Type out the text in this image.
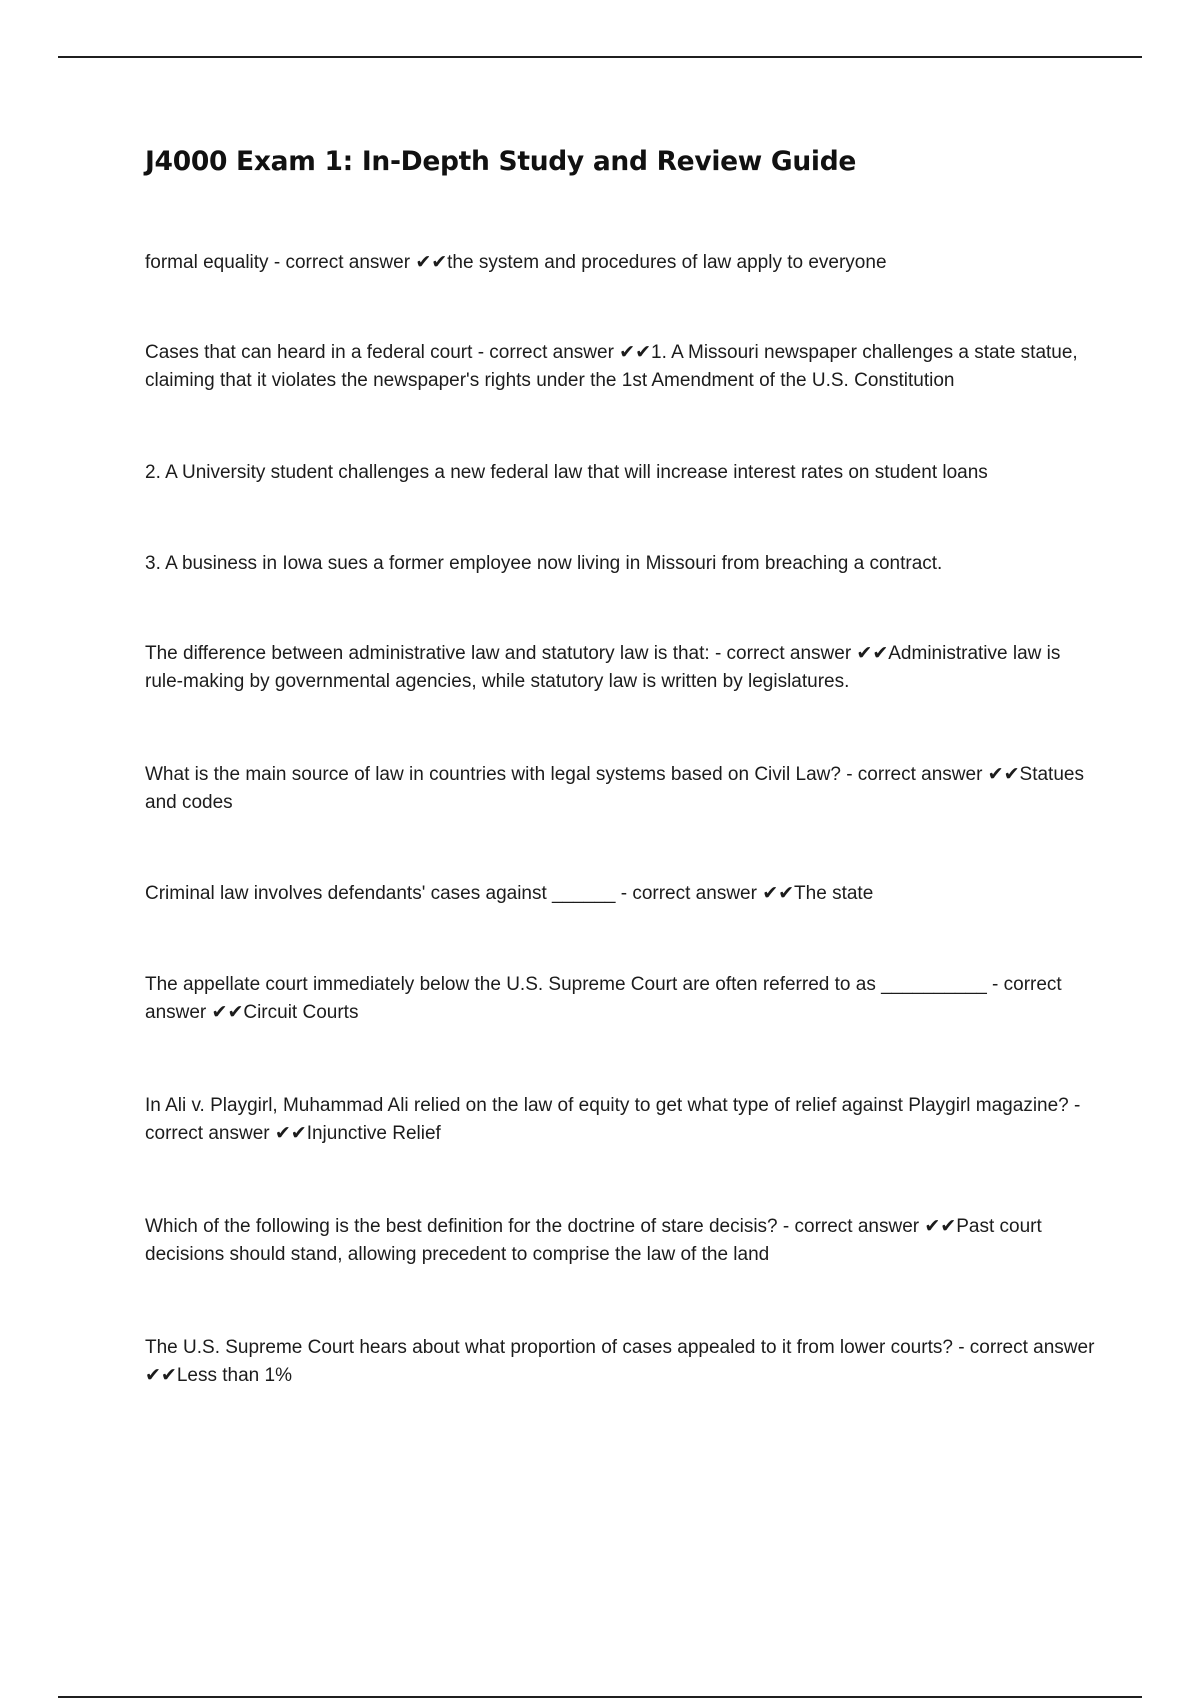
J4000 Exam 1: In-Depth Study and Review Guide

formal equality - correct answer ✔✔the system and procedures of law apply to everyone

Cases that can heard in a federal court - correct answer ✔✔1. A Missouri newspaper challenges a state statue, claiming that it violates the newspaper's rights under the 1st Amendment of the U.S. Constitution

2. A University student challenges a new federal law that will increase interest rates on student loans

3. A business in Iowa sues a former employee now living in Missouri from breaching a contract.

The difference between administrative law and statutory law is that: - correct answer ✔✔Administrative law is rule-making by governmental agencies, while statutory law is written by legislatures.

What is the main source of law in countries with legal systems based on Civil Law? - correct answer ✔✔Statues and codes

Criminal law involves defendants' cases against ______ - correct answer ✔✔The state

The appellate court immediately below the U.S. Supreme Court are often referred to as __________ - correct answer ✔✔Circuit Courts

In Ali v. Playgirl, Muhammad Ali relied on the law of equity to get what type of relief against Playgirl magazine? - correct answer ✔✔Injunctive Relief

Which of the following is the best definition for the doctrine of stare decisis? - correct answer ✔✔Past court decisions should stand, allowing precedent to comprise the law of the land

The U.S. Supreme Court hears about what proportion of cases appealed to it from lower courts? - correct answer ✔✔Less than 1%
